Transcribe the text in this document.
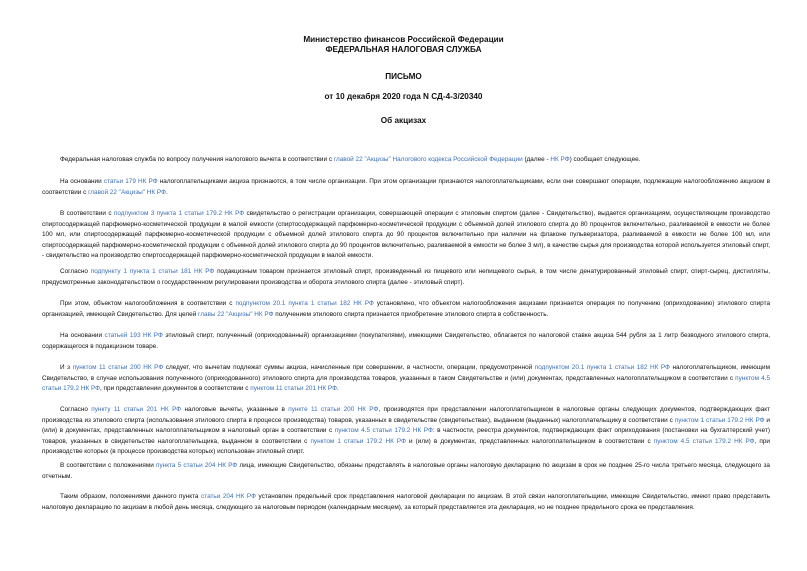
Министерство финансов Российской Федерации
ФЕДЕРАЛЬНАЯ НАЛОГОВАЯ СЛУЖБА
ПИСЬМО
от 10 декабря 2020 года N СД-4-3/20340
Об акцизах

Федеральная налоговая служба по вопросу получения налогового вычета в соответствии с главой 22 "Акцизы" Налогового кодекса Российской Федерации (далее - НК РФ) сообщает следующее.

На основании статьи 179 НК РФ налогоплательщиками акциза признаются, в том числе организации. При этом организации признаются налогоплательщиками, если они совершают операции, подлежащие налогообложению акцизом в соответствии с главой 22 "Акцизы" НК РФ.

В соответствии с подпунктом 3 пункта 1 статьи 179.2 НК РФ свидетельство о регистрации организации, совершающей операции с этиловым спиртом (далее - Свидетельство), выдается организациям, осуществляющим производство спиртосодержащей парфюмерно-косметической продукции в малой емкости (спиртосодержащей парфюмерно-косметической продукции с объемной долей этилового спирта до 80 процентов включительно, разливаемой в емкости не более 100 мл, или спиртосодержащей парфюмерно-косметической продукции с объемной долей этилового спирта до 90 процентов включительно при наличии на флаконе пульверизатора, разливаемой в емкости не более 100 мл, или спиртосодержащей парфюмерно-косметической продукции с объемной долей этилового спирта до 90 процентов включительно, разливаемой в емкости не более 3 мл), в качестве сырья для производства которой используется этиловый спирт, - свидетельство на производство спиртосодержащей парфюмерно-косметической продукции в малой емкости.

Согласно подпункту 1 пункта 1 статьи 181 НК РФ подакцизным товаром признается этиловый спирт, произведенный из пищевого или непищевого сырья, в том числе денатурированный этиловый спирт, спирт-сырец, дистилляты, предусмотренные законодательством о государственном регулировании производства и оборота этилового спирта (далее - этиловый спирт).

При этом, объектом налогообложения в соответствии с подпунктом 20.1 пункта 1 статьи 182 НК РФ установлено, что объектом налогообложения акцизами признается операция по получению (оприходованию) этилового спирта организацией, имеющей Свидетельство. Для целей главы 22 "Акцизы" НК РФ получением этилового спирта признается приобретение этилового спирта в собственность.

На основании статьей 193 НК РФ этиловый спирт, полученный (оприходованный) организациями (покупателями), имеющими Свидетельство, облагается по налоговой ставке акциза 544 рубля за 1 литр безводного этилового спирта, содержащегося в подакцизном товаре.

И з пунктом 11 статьи 200 НК РФ следует, что вычетам подлежат суммы акциза, начисленные при совершении, в частности, операции, предусмотренной подпунктом 20.1 пункта 1 статьи 182 НК РФ налогоплательщиком, имеющим Свидетельство, в случае использования полученного (оприходованного) этилового спирта для производства товаров, указанных в таком Свидетельстве и (или) документах, представленных налогоплательщиком в соответствии с пунктом 4.5 статьи 179.2 НК РФ, при представлении документов в соответствии с пунктом 11 статьи 201 НК РФ.

Согласно пункту 11 статьи 201 НК РФ налоговые вычеты, указанные в пункте 11 статьи 200 НК РФ, производятся при представлении налогоплательщиком в налоговые органы следующих документов, подтверждающих факт производства из этилового спирта (использования этилового спирта в процессе производства) товаров, указанных в свидетельстве (свидетельствах), выданном (выданных) налогоплательщику в соответствии с пунктом 1 статьи 179.2 НК РФ и (или) в документах, представленных налогоплательщиком в налоговый орган в соответствии с пунктом 4.5 статьи 179.2 НК РФ: в частности, реестра документов, подтверждающих факт оприходования (постановки на бухгалтерский учет) товаров, указанных в свидетельстве налогоплательщика, выданном в соответствии с пунктом 1 статьи 179.2 НК РФ и (или) в документах, представленных налогоплательщиком в соответствии с пунктом 4.5 статьи 179.2 НК РФ, при производстве которых (в процессе производства которых) использован этиловый спирт.

В соответствии с положениями пункта 5 статьи 204 НК РФ лица, имеющие Свидетельство, обязаны представлять в налоговые органы налоговую декларацию по акцизам в срок не позднее 25-го числа третьего месяца, следующего за отчетным.

Таким образом, положениями данного пункта статьи 204 НК РФ установлен предельный срок представления налоговой декларации по акцизам. В этой связи налогоплательщики, имеющие Свидетельство, имеют право представить налоговую декларацию по акцизам в любой день месяца, следующего за налоговым периодом (календарным месяцем), за который представляется эта декларация, но не позднее предельного срока ее представления.
